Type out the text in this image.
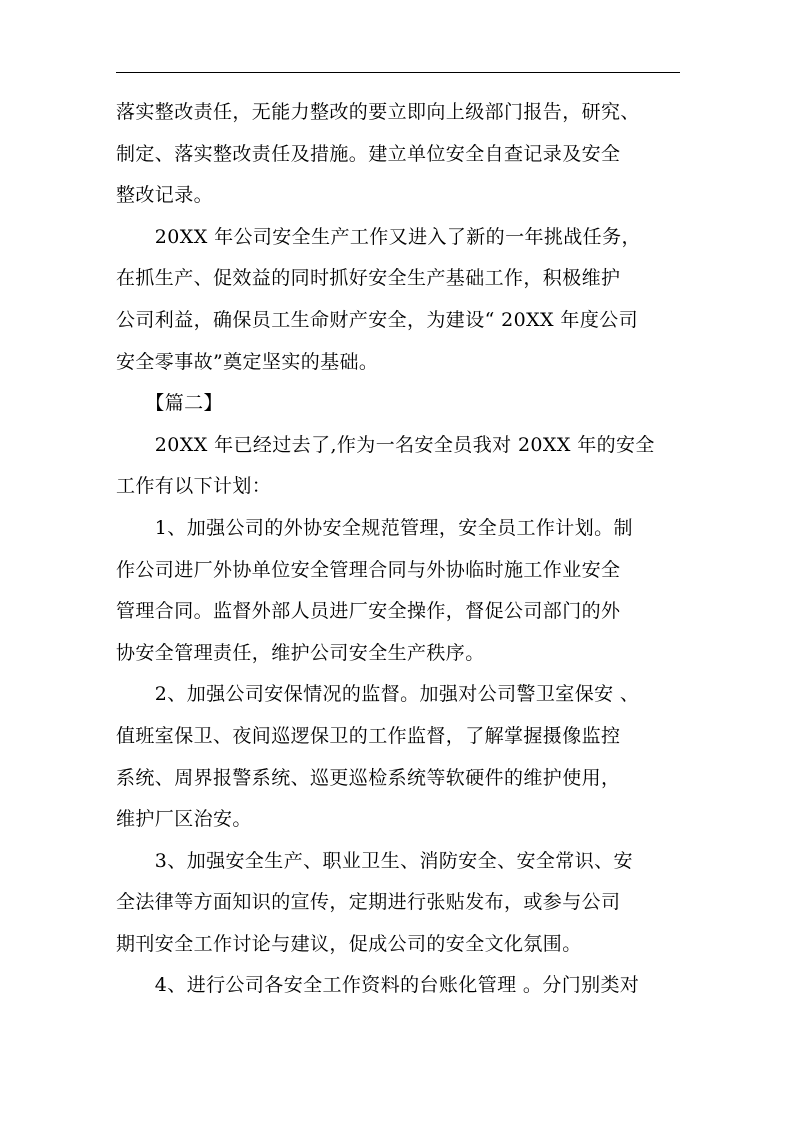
落实整改责任，无能力整改的要立即向上级部门报告，研究、
制定、落实整改责任及措施。建立单位安全自查记录及安全
整改记录。
　　20XX 年公司安全生产工作又进入了新的一年挑战任务，
在抓生产、促效益的同时抓好安全生产基础工作，积极维护
公司利益，确保员工生命财产安全，为建设“ 20XX 年度公司
安全零事故”奠定坚实的基础。
　　【篇二】
　　20XX 年已经过去了,作为一名安全员我对 20XX 年的安全
工作有以下计划：
　　1、加强公司的外协安全规范管理，安全员工作计划。制
作公司进厂外协单位安全管理合同与外协临时施工作业安全
管理合同。监督外部人员进厂安全操作，督促公司部门的外
协安全管理责任，维护公司安全生产秩序。
　　2、加强公司安保情况的监督。加强对公司警卫室保安 、
值班室保卫、夜间巡逻保卫的工作监督，了解掌握摄像监控
系统、周界报警系统、巡更巡检系统等软硬件的维护使用，
维护厂区治安。
　　3、加强安全生产、职业卫生、消防安全、安全常识、安
全法律等方面知识的宣传，定期进行张贴发布，或参与公司
期刊安全工作讨论与建议，促成公司的安全文化氛围。
　　4、进行公司各安全工作资料的台账化管理 。分门别类对
